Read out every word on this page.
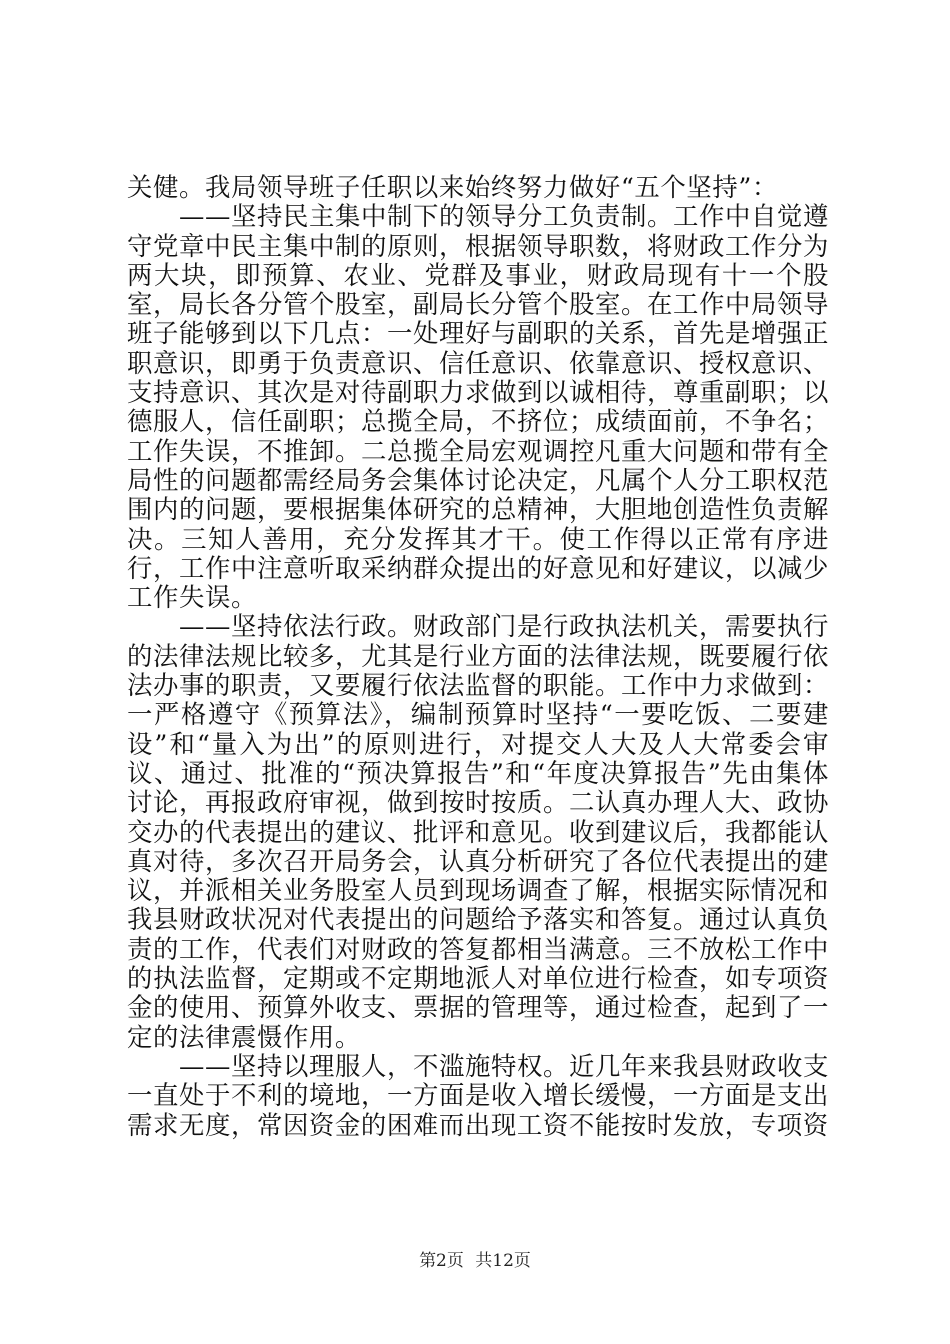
关健。我局领导班子任职以来始终努力做好“五个坚持”：

——坚持民主集中制下的领导分工负责制。工作中自觉遵守党章中民主集中制的原则，根据领导职数，将财政工作分为两大块，即预算、农业、党群及事业，财政局现有十一个股室，局长各分管个股室，副局长分管个股室。在工作中局领导班子能够到以下几点：一处理好与副职的关系，首先是增强正职意识，即勇于负责意识、信任意识、依靠意识、授权意识、支持意识、其次是对待副职力求做到以诚相待，尊重副职；以德服人，信任副职；总揽全局，不挤位；成绩面前，不争名；工作失误，不推卸。二总揽全局宏观调控凡重大问题和带有全局性的问题都需经局务会集体讨论决定，凡属个人分工职权范围内的问题，要根据集体研究的总精神，大胆地创造性负责解决。三知人善用，充分发挥其才干。使工作得以正常有序进行，工作中注意听取采纳群众提出的好意见和好建议，以减少工作失误。

——坚持依法行政。财政部门是行政执法机关，需要执行的法律法规比较多，尤其是行业方面的法律法规，既要履行依法办事的职责，又要履行依法监督的职能。工作中力求做到：一严格遵守《预算法》，编制预算时坚持“一要吃饭、二要建设”和“量入为出”的原则进行，对提交人大及人大常委会审议、通过、批准的“预决算报告”和“年度决算报告”先由集体讨论，再报政府审视，做到按时按质。二认真办理人大、政协交办的代表提出的建议、批评和意见。收到建议后，我都能认真对待，多次召开局务会，认真分析研究了各位代表提出的建议，并派相关业务股室人员到现场调查了解，根据实际情况和我县财政状况对代表提出的问题给予落实和答复。通过认真负责的工作，代表们对财政的答复都相当满意。三不放松工作中的执法监督，定期或不定期地派人对单位进行检查，如专项资金的使用、预算外收支、票据的管理等，通过检查，起到了一定的法律震慑作用。

——坚持以理服人，不滥施特权。近几年来我县财政收支一直处于不利的境地，一方面是收入增长缓慢，一方面是支出需求无度，常因资金的困难而出现工资不能按时发放，专项资

第2页 共12页
